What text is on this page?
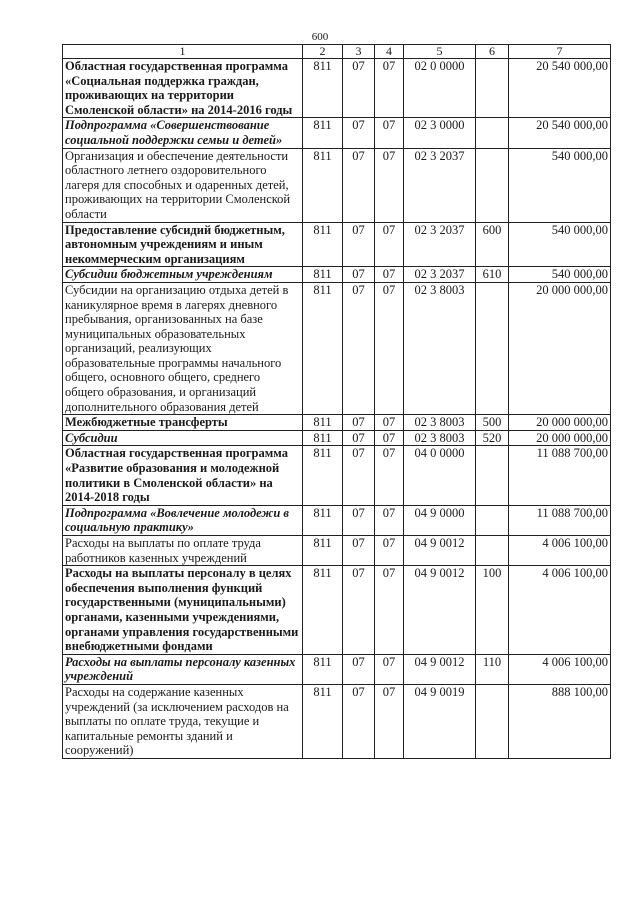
600
1	2	3	4	5	6	7
Областная государственная программа «Социальная поддержка граждан, проживающих на территории Смоленской области» на 2014-2016 годы	811	07	07	02 0 0000		20 540 000,00
Подпрограмма «Совершенствование социальной поддержки семьи и детей»	811	07	07	02 3 0000		20 540 000,00
Организация и обеспечение деятельности областного летнего оздоровительного лагеря для способных и одаренных детей, проживающих на территории Смоленской области	811	07	07	02 3 2037		540 000,00
Предоставление субсидий бюджетным, автономным учреждениям и иным некоммерческим организациям	811	07	07	02 3 2037	600	540 000,00
Субсидии бюджетным учреждениям	811	07	07	02 3 2037	610	540 000,00
Субсидии на организацию отдыха детей в каникулярное время в лагерях дневного пребывания, организованных на базе муниципальных образовательных организаций, реализующих образовательные программы начального общего, основного общего, среднего общего образования, и организаций дополнительного образования детей	811	07	07	02 3 8003		20 000 000,00
Межбюджетные трансферты	811	07	07	02 3 8003	500	20 000 000,00
Субсидии	811	07	07	02 3 8003	520	20 000 000,00
Областная государственная программа «Развитие образования и молодежной политики в Смоленской области» на 2014-2018 годы	811	07	07	04 0 0000		11 088 700,00
Подпрограмма «Вовлечение молодежи в социальную практику»	811	07	07	04 9 0000		11 088 700,00
Расходы на выплаты по оплате труда работников казенных учреждений	811	07	07	04 9 0012		4 006 100,00
Расходы на выплаты персоналу в целях обеспечения выполнения функций государственными (муниципальными) органами, казенными учреждениями, органами управления государственными внебюджетными фондами	811	07	07	04 9 0012	100	4 006 100,00
Расходы на выплаты персоналу казенных учреждений	811	07	07	04 9 0012	110	4 006 100,00
Расходы на содержание казенных учреждений (за исключением расходов на выплаты по оплате труда, текущие и капитальные ремонты зданий и сооружений)	811	07	07	04 9 0019		888 100,00
